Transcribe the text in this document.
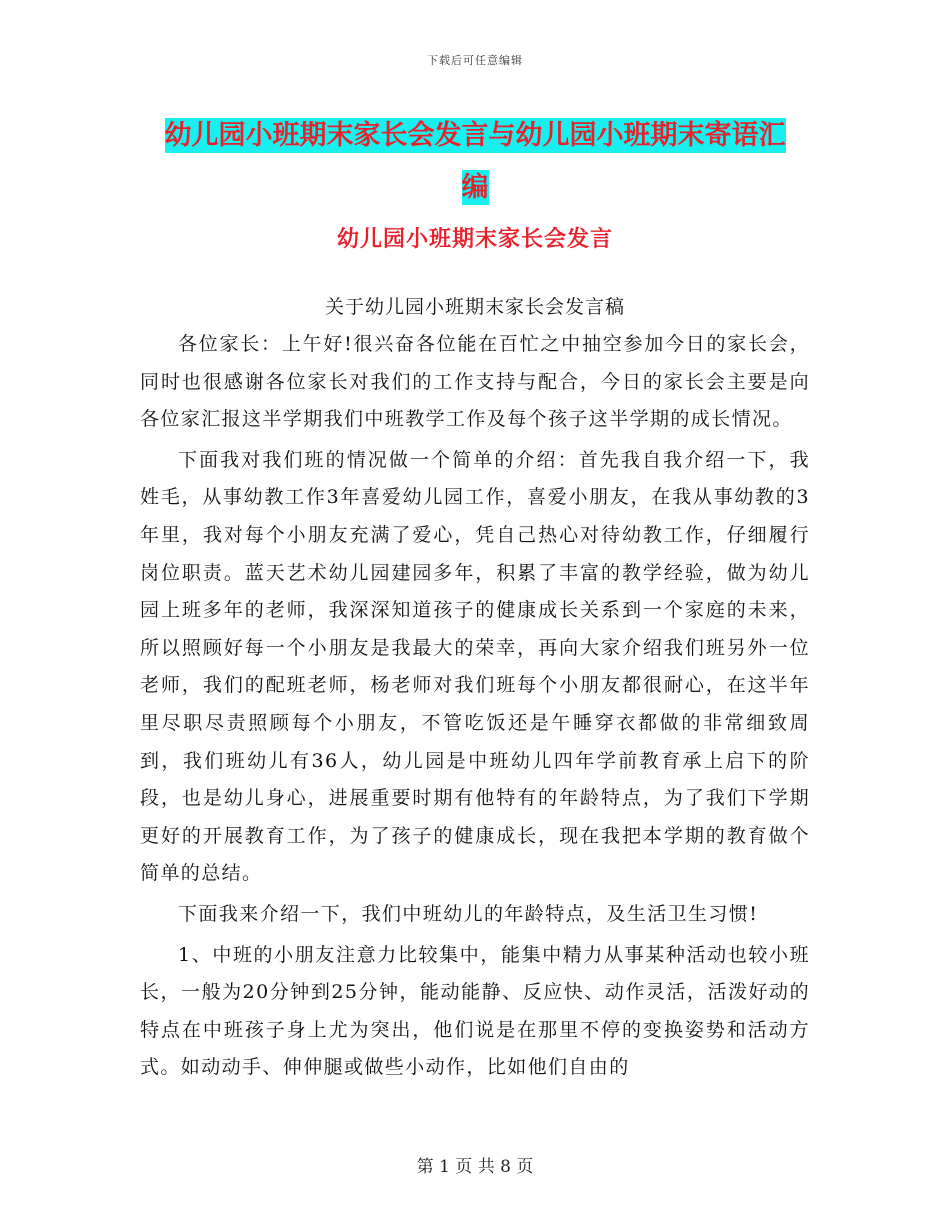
下载后可任意编辑
幼儿园小班期末家长会发言与幼儿园小班期末寄语汇
编
幼儿园小班期末家长会发言
关于幼儿园小班期末家长会发言稿

各位家长：上午好!很兴奋各位能在百忙之中抽空参加今日的家长会，同时也很感谢各位家长对我们的工作支持与配合，今日的家长会主要是向各位家汇报这半学期我们中班教学工作及每个孩子这半学期的成长情况。

下面我对我们班的情况做一个简单的介绍：首先我自我介绍一下，我姓毛，从事幼教工作3年喜爱幼儿园工作，喜爱小朋友，在我从事幼教的3年里，我对每个小朋友充满了爱心，凭自己热心对待幼教工作，仔细履行岗位职责。蓝天艺术幼儿园建园多年，积累了丰富的教学经验，做为幼儿园上班多年的老师，我深深知道孩子的健康成长关系到一个家庭的未来，所以照顾好每一个小朋友是我最大的荣幸，再向大家介绍我们班另外一位老师，我们的配班老师，杨老师对我们班每个小朋友都很耐心，在这半年里尽职尽责照顾每个小朋友，不管吃饭还是午睡穿衣都做的非常细致周到，我们班幼儿有36人，幼儿园是中班幼儿四年学前教育承上启下的阶段，也是幼儿身心，进展重要时期有他特有的年龄特点，为了我们下学期更好的开展教育工作，为了孩子的健康成长，现在我把本学期的教育做个简单的总结。

下面我来介绍一下，我们中班幼儿的年龄特点，及生活卫生习惯!

1、中班的小朋友注意力比较集中，能集中精力从事某种活动也较小班长，一般为20分钟到25分钟，能动能静、反应快、动作灵活，活泼好动的特点在中班孩子身上尤为突出，他们说是在那里不停的变换姿势和活动方式。如动动手、伸伸腿或做些小动作，比如他们自由的

第 1 页 共 8 页
